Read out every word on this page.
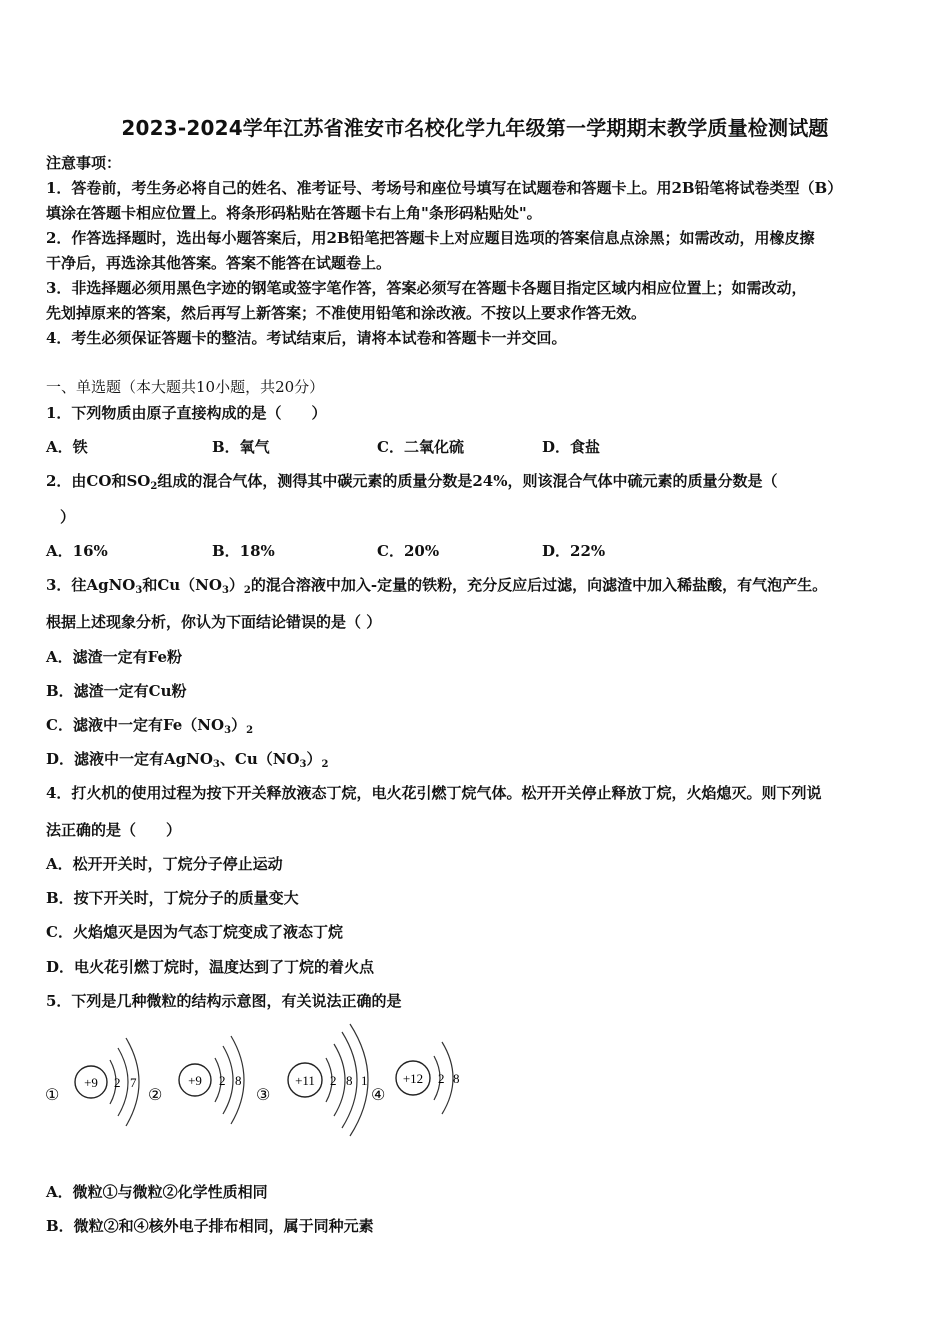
2023-2024学年江苏省淮安市名校化学九年级第一学期期末教学质量检测试题
注意事项：
1．答卷前，考生务必将自己的姓名、准考证号、考场号和座位号填写在试题卷和答题卡上。用2B铅笔将试卷类型（B）
填涂在答题卡相应位置上。将条形码粘贴在答题卡右上角"条形码粘贴处"。
2．作答选择题时，选出每小题答案后，用2B铅笔把答题卡上对应题目选项的答案信息点涂黑；如需改动，用橡皮擦
干净后，再选涂其他答案。答案不能答在试题卷上。
3．非选择题必须用黑色字迹的钢笔或签字笔作答，答案必须写在答题卡各题目指定区域内相应位置上；如需改动，
先划掉原来的答案，然后再写上新答案；不准使用铅笔和涂改液。不按以上要求作答无效。
4．考生必须保证答题卡的整洁。考试结束后，请将本试卷和答题卡一并交回。
一、单选题（本大题共10小题，共20分）
1．下列物质由原子直接构成的是（　　）
A．铁	B．氧气	C．二氧化硫	D．食盐
2．由CO和$SO_2$组成的混合气体，测得其中碳元素的质量分数是24%，则该混合气体中硫元素的质量分数是（
）
A．16%	B．18%	C．20%	D．22%
3．往AgNO$_3$和$Cu(NO_3)_2$的混合溶液中加入-定量的铁粉，充分反应后过滤，向滤渣中加入稀盐酸，有气泡产生。
根据上述现象分析，你认为下面结论错误的是（ ）
A．滤渣一定有Fe粉
B．滤渣一定有Cu粉
C．滤液中一定有$Fe(NO_3)_2$
D．滤液中一定有AgNO$_3$、$Cu(NO_3)_2$
4．打火机的使用过程为按下开关释放液态丁烷，电火花引燃丁烷气体。松开开关停止释放丁烷，火焰熄灭。则下列说
法正确的是（　　）
A．松开开关时，丁烷分子停止运动
B．按下开关时，丁烷分子的质量变大
C．火焰熄灭是因为气态丁烷变成了液态丁烷
D．电火花引燃丁烷时，温度达到了丁烷的着火点
5．下列是几种微粒的结构示意图，有关说法正确的是
①
+9 2 7
②
+9 2 8
③
+11 2 8 1
④
+12 2 8
A．微粒①与微粒②化学性质相同
B．微粒②和④核外电子排布相同，属于同种元素
